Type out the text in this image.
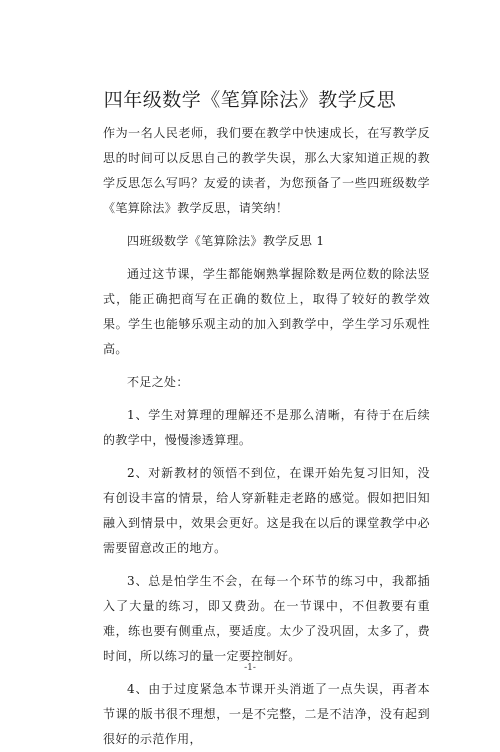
四年级数学《笔算除法》教学反思

作为一名人民老师，我们要在教学中快速成长，在写教学反思的时间可以反思自己的教学失误，那么大家知道正规的教学反思怎么写吗？友爱的读者，为您预备了一些四班级数学《笔算除法》教学反思，请笑纳！

四班级数学《笔算除法》教学反思 1

通过这节课，学生都能娴熟掌握除数是两位数的除法竖式，能正确把商写在正确的数位上，取得了较好的教学效果。学生也能够乐观主动的加入到教学中，学生学习乐观性高。

不足之处：

1、学生对算理的理解还不是那么清晰，有待于在后续的教学中，慢慢渗透算理。

2、对新教材的领悟不到位，在课开始先复习旧知，没有创设丰富的情景，给人穿新鞋走老路的感觉。假如把旧知融入到情景中，效果会更好。这是我在以后的课堂教学中必需要留意改正的地方。

3、总是怕学生不会，在每一个环节的练习中，我都插入了大量的练习，即又费劲。在一节课中，不但教要有重难，练也要有侧重点，要适度。太少了没巩固，太多了，费时间，所以练习的量一定要控制好。

4、由于过度紧急本节课开头消逝了一点失误，再者本节课的版书很不理想，一是不完整，二是不洁净，没有起到很好的示范作用，

-1-
